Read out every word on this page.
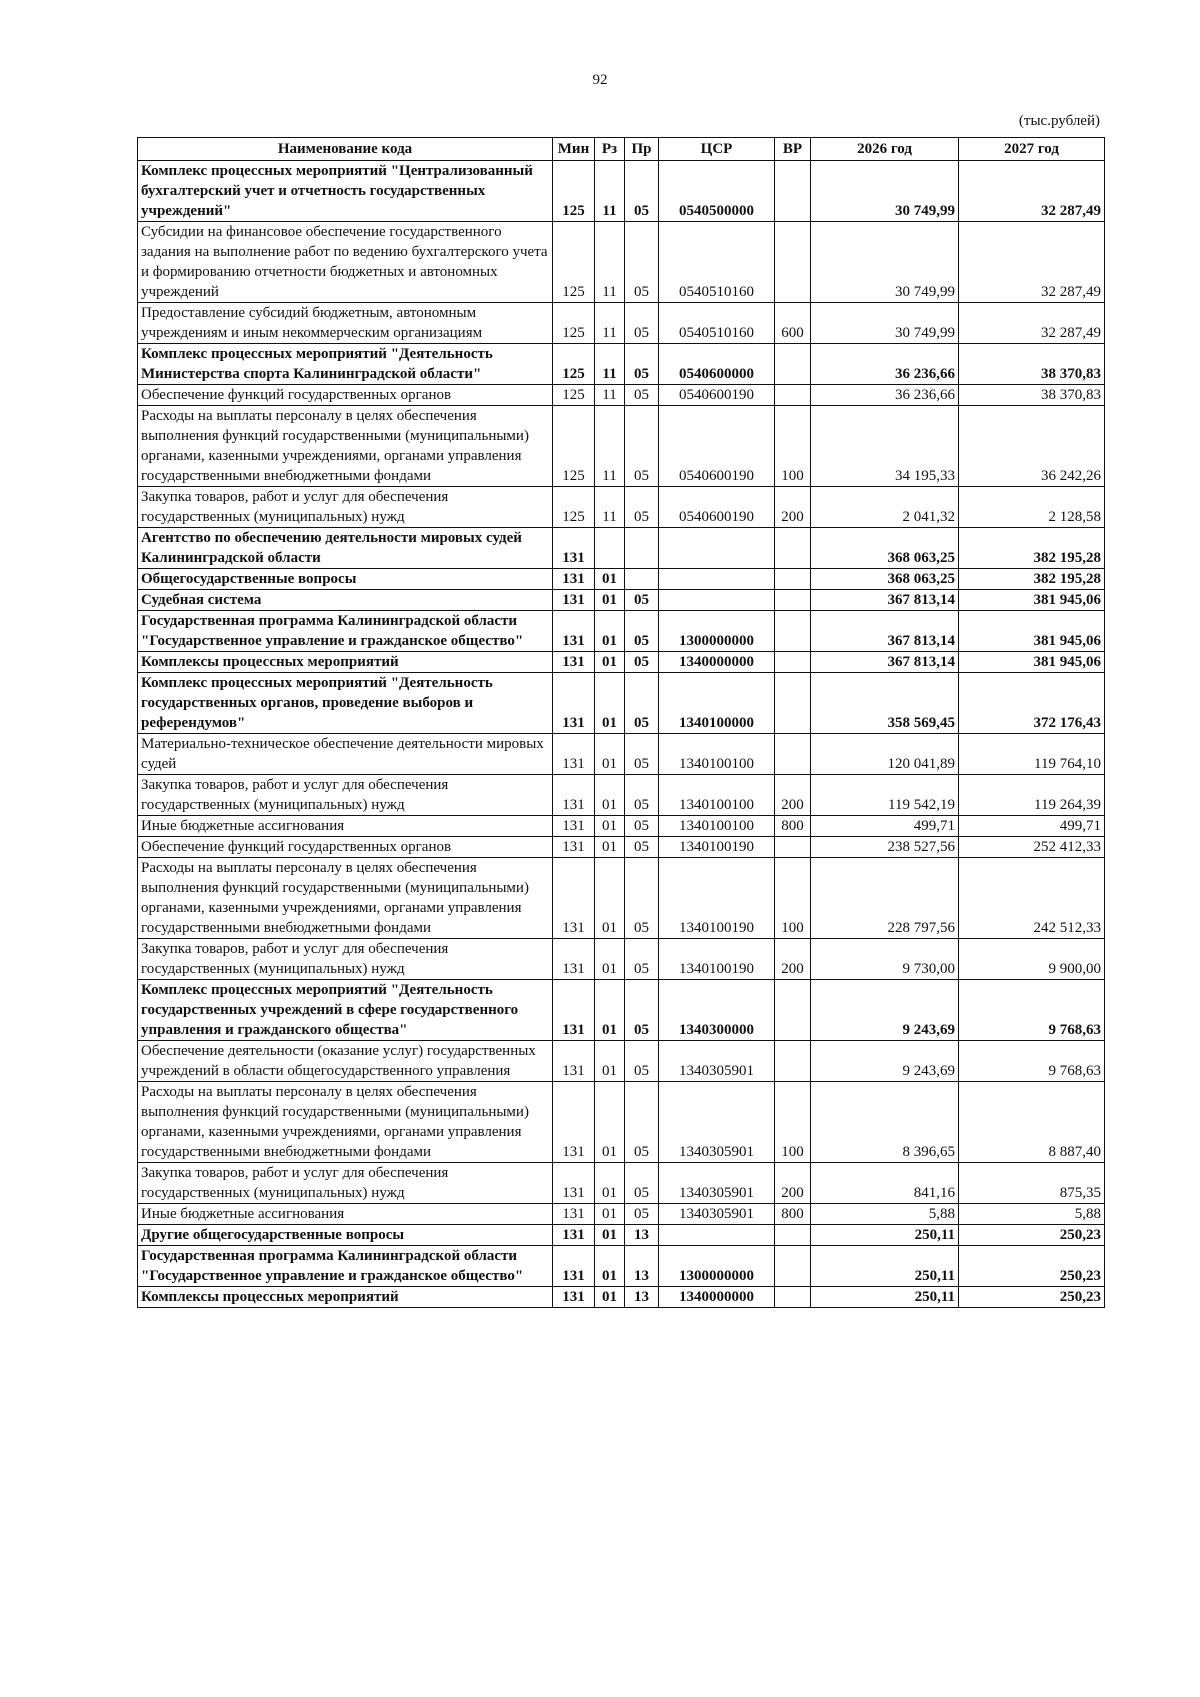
92
(тыс.рублей)
Наименование кода	Мин	Рз	Пр	ЦСР	ВР	2026 год	2027 год
Комплекс процессных мероприятий "Централизованный бухгалтерский учет и отчетность государственных учреждений"	125	11	05	0540500000		30 749,99	32 287,49
Субсидии на финансовое обеспечение государственного задания на выполнение работ по ведению бухгалтерского учета и формированию отчетности бюджетных и автономных учреждений	125	11	05	0540510160		30 749,99	32 287,49
Предоставление субсидий бюджетным, автономным учреждениям и иным некоммерческим организациям	125	11	05	0540510160	600	30 749,99	32 287,49
Комплекс процессных мероприятий "Деятельность Министерства спорта Калининградской области"	125	11	05	0540600000		36 236,66	38 370,83
Обеспечение функций государственных органов	125	11	05	0540600190		36 236,66	38 370,83
Расходы на выплаты персоналу в целях обеспечения выполнения функций государственными (муниципальными) органами, казенными учреждениями, органами управления государственными внебюджетными фондами	125	11	05	0540600190	100	34 195,33	36 242,26
Закупка товаров, работ и услуг для обеспечения государственных (муниципальных) нужд	125	11	05	0540600190	200	2 041,32	2 128,58
Агентство по обеспечению деятельности мировых судей Калининградской области	131					368 063,25	382 195,28
Общегосударственные вопросы	131	01				368 063,25	382 195,28
Судебная система	131	01	05			367 813,14	381 945,06
Государственная программа Калининградской области "Государственное управление и гражданское общество"	131	01	05	1300000000		367 813,14	381 945,06
Комплексы процессных мероприятий	131	01	05	1340000000		367 813,14	381 945,06
Комплекс процессных мероприятий "Деятельность государственных органов, проведение выборов и референдумов"	131	01	05	1340100000		358 569,45	372 176,43
Материально-техническое обеспечение деятельности мировых судей	131	01	05	1340100100		120 041,89	119 764,10
Закупка товаров, работ и услуг для обеспечения государственных (муниципальных) нужд	131	01	05	1340100100	200	119 542,19	119 264,39
Иные бюджетные ассигнования	131	01	05	1340100100	800	499,71	499,71
Обеспечение функций государственных органов	131	01	05	1340100190		238 527,56	252 412,33
Расходы на выплаты персоналу в целях обеспечения выполнения функций государственными (муниципальными) органами, казенными учреждениями, органами управления государственными внебюджетными фондами	131	01	05	1340100190	100	228 797,56	242 512,33
Закупка товаров, работ и услуг для обеспечения государственных (муниципальных) нужд	131	01	05	1340100190	200	9 730,00	9 900,00
Комплекс процессных мероприятий "Деятельность государственных учреждений в сфере государственного управления и гражданского общества"	131	01	05	1340300000		9 243,69	9 768,63
Обеспечение деятельности (оказание услуг) государственных учреждений в области общегосударственного управления	131	01	05	1340305901		9 243,69	9 768,63
Расходы на выплаты персоналу в целях обеспечения выполнения функций государственными (муниципальными) органами, казенными учреждениями, органами управления государственными внебюджетными фондами	131	01	05	1340305901	100	8 396,65	8 887,40
Закупка товаров, работ и услуг для обеспечения государственных (муниципальных) нужд	131	01	05	1340305901	200	841,16	875,35
Иные бюджетные ассигнования	131	01	05	1340305901	800	5,88	5,88
Другие общегосударственные вопросы	131	01	13			250,11	250,23
Государственная программа Калининградской области "Государственное управление и гражданское общество"	131	01	13	1300000000		250,11	250,23
Комплексы процессных мероприятий	131	01	13	1340000000		250,11	250,23
